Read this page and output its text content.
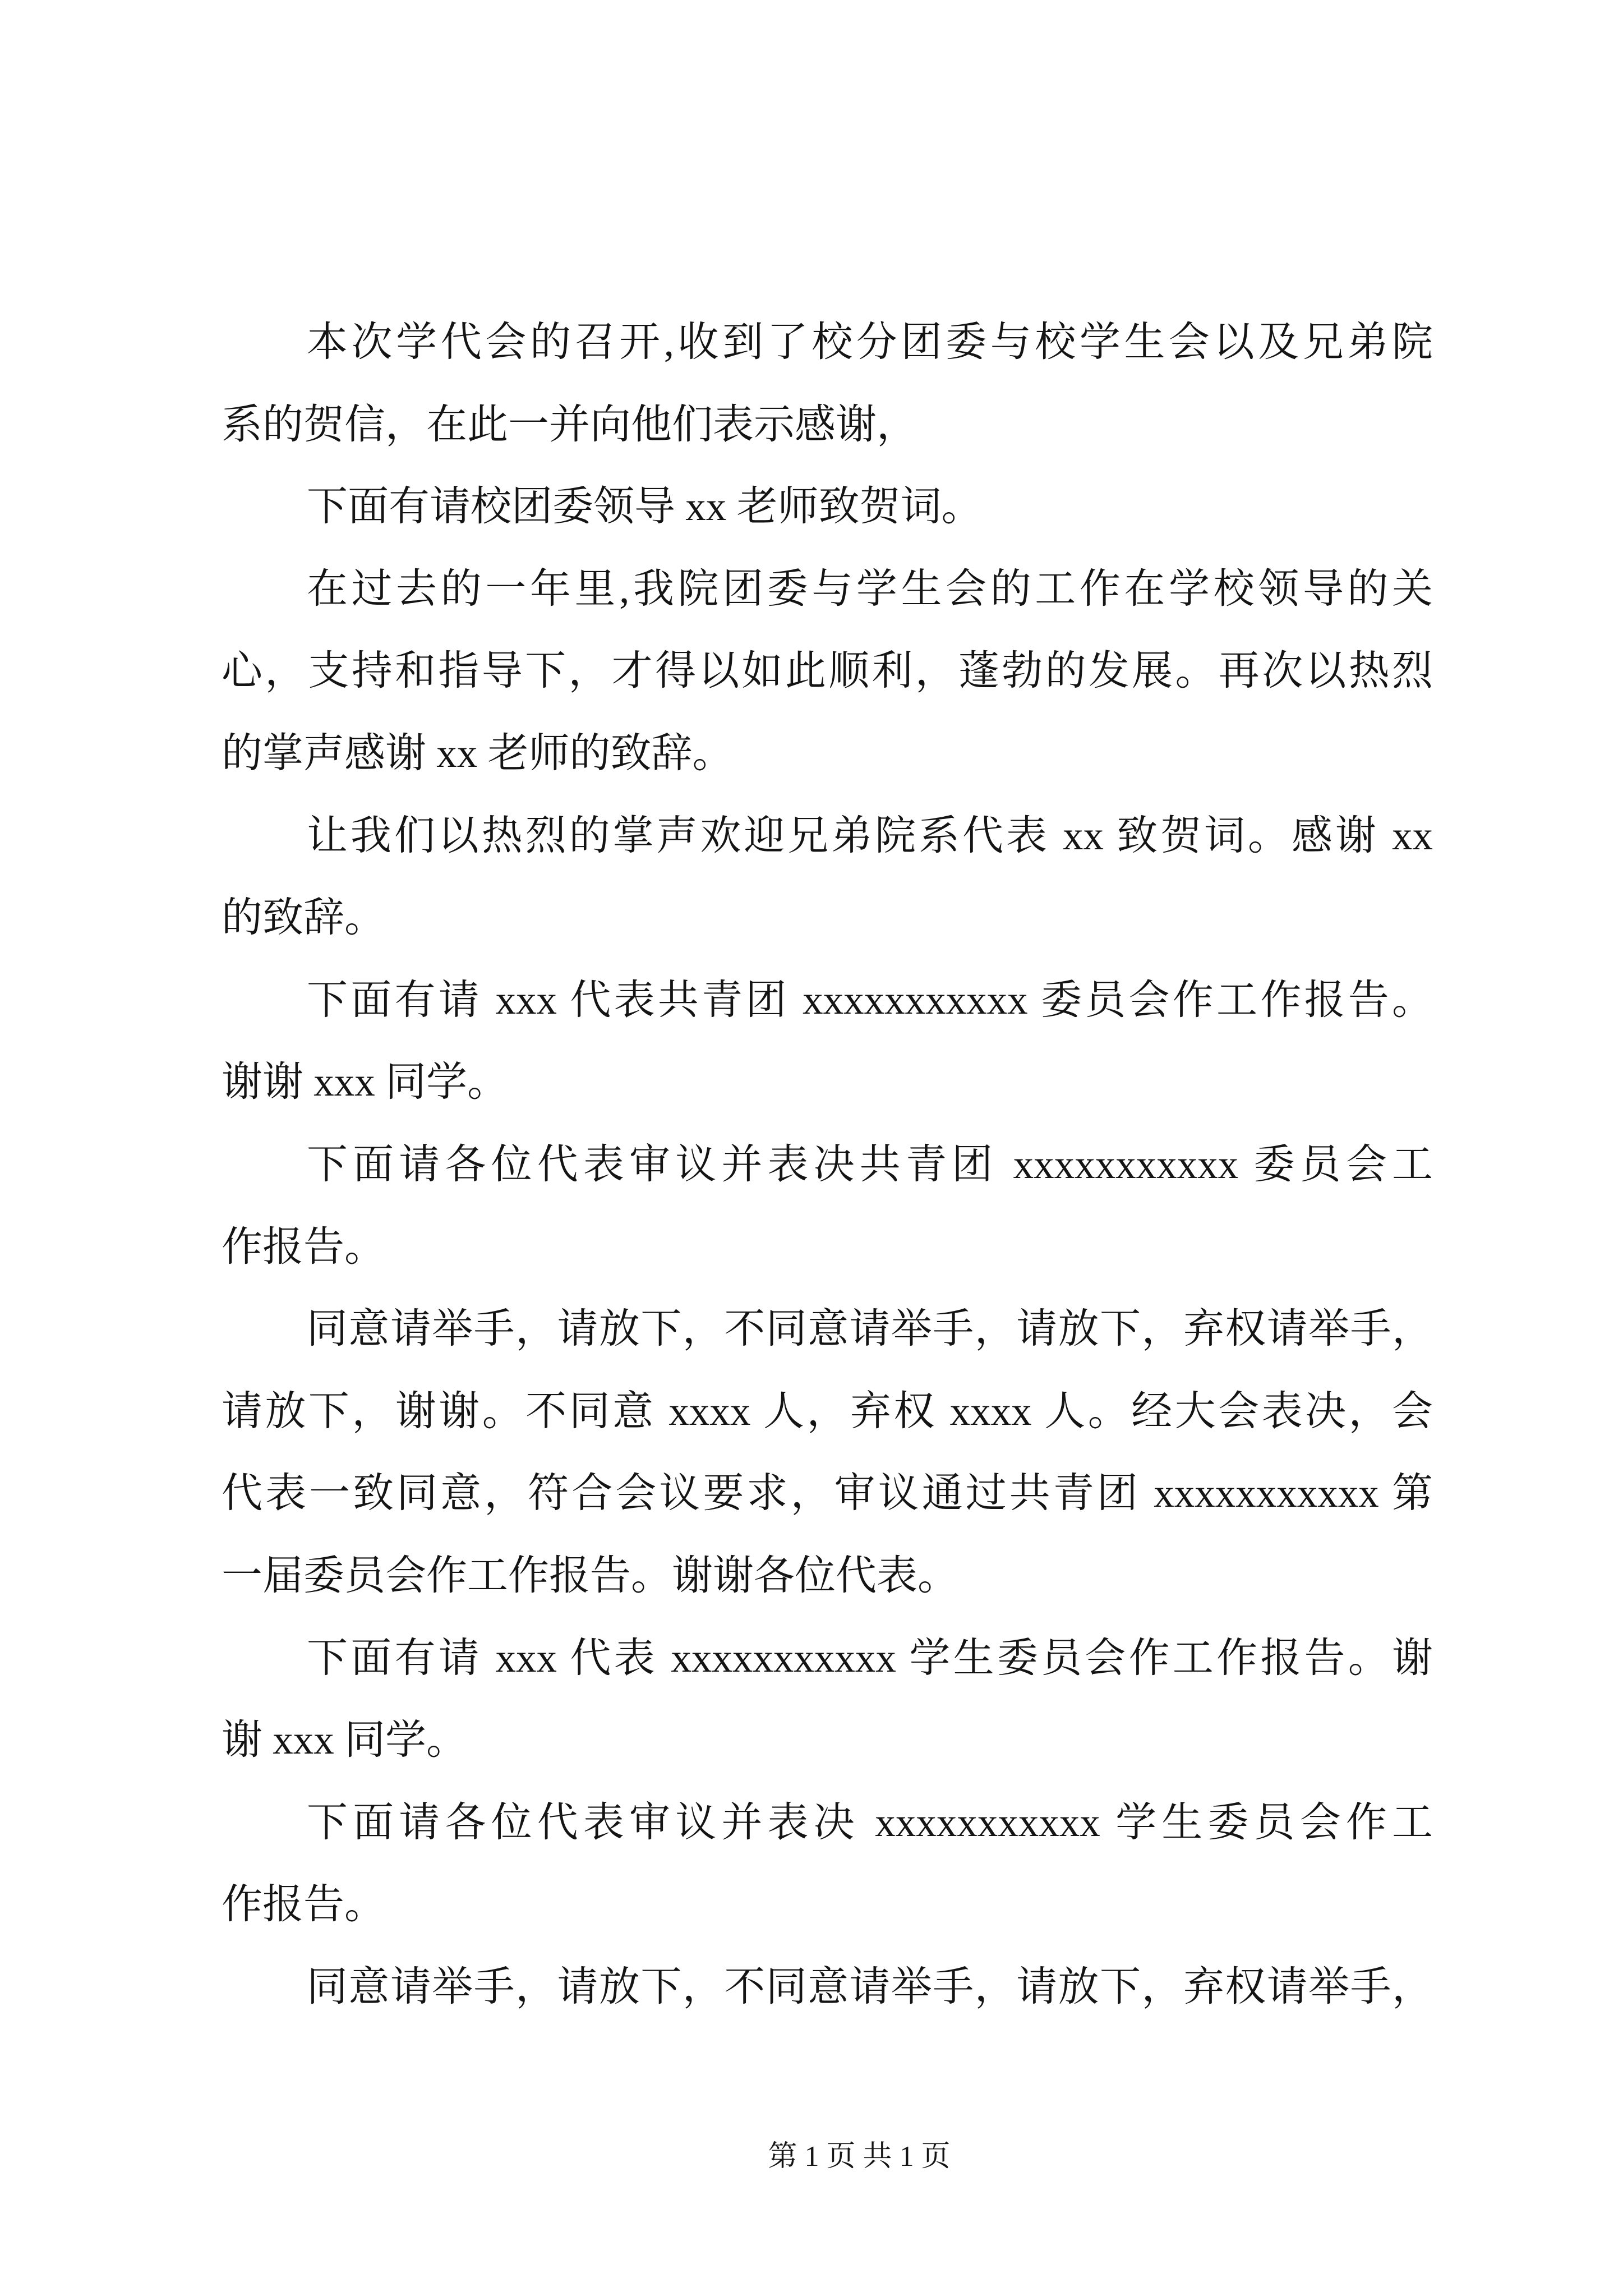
本次学代会的召开,收到了校分团委与校学生会以及兄弟院
系的贺信，在此一并向他们表示感谢，
下面有请校团委领导 xx 老师致贺词。
在过去的一年里,我院团委与学生会的工作在学校领导的关
心，支持和指导下，才得以如此顺利，蓬勃的发展。再次以热烈
的掌声感谢 xx 老师的致辞。
让我们以热烈的掌声欢迎兄弟院系代表 xx 致贺词。感谢 xx
的致辞。
下面有请 xxx 代表共青团 xxxxxxxxxxx 委员会作工作报告。
谢谢 xxx 同学。
下面请各位代表审议并表决共青团 xxxxxxxxxxx 委员会工
作报告。
同意请举手，请放下，不同意请举手，请放下，弃权请举手，
请放下，谢谢。不同意 xxxx 人，弃权 xxxx 人。经大会表决，会
代表一致同意，符合会议要求，审议通过共青团 xxxxxxxxxxx 第
一届委员会作工作报告。谢谢各位代表。
下面有请 xxx 代表 xxxxxxxxxxx 学生委员会作工作报告。谢
谢 xxx 同学。
下面请各位代表审议并表决 xxxxxxxxxxx 学生委员会作工
作报告。
同意请举手，请放下，不同意请举手，请放下，弃权请举手，
第 1 页 共 1 页
